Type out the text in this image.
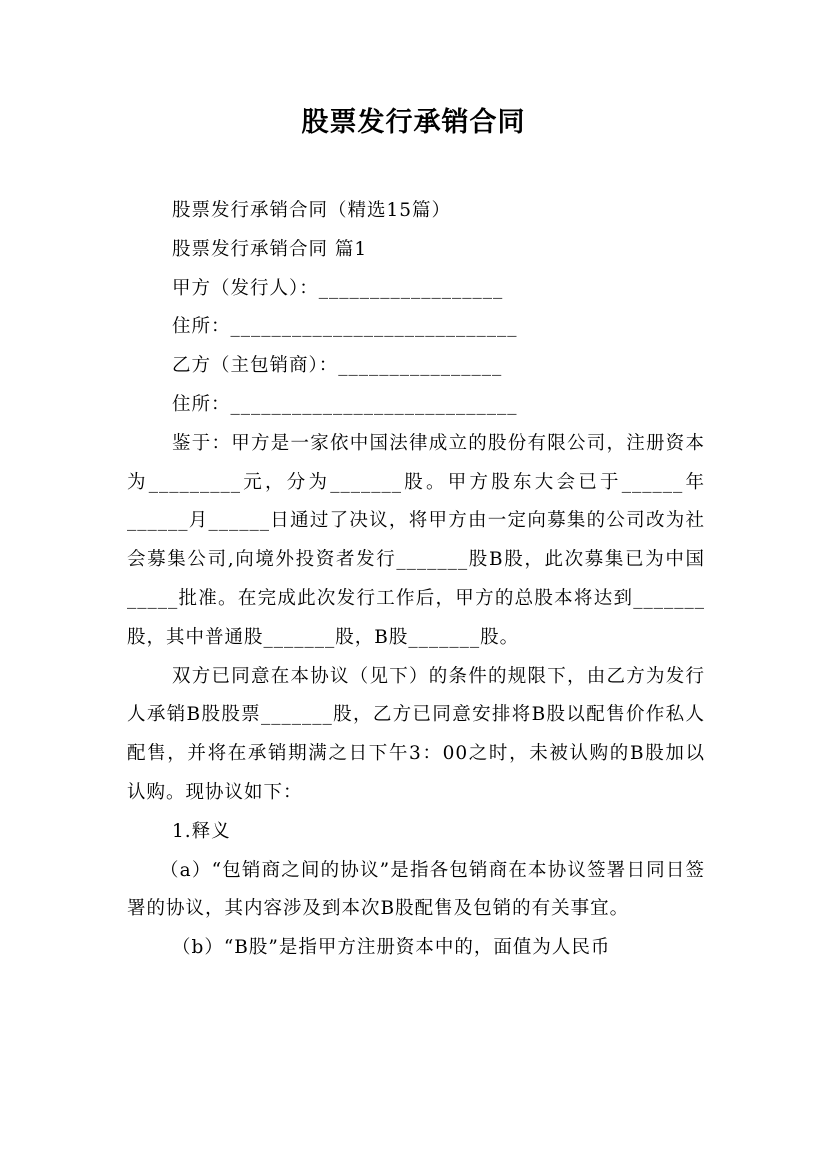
股票发行承销合同

股票发行承销合同（精选15篇）

股票发行承销合同 篇1

甲方（发行人）：__________________

住所：____________________________

乙方（主包销商）：________________

住所：____________________________

鉴于：甲方是一家依中国法律成立的股份有限公司，注册资本为_________元，分为_______股。甲方股东大会已于______年______月______日通过了决议，将甲方由一定向募集的公司改为社会募集公司,向境外投资者发行_______股B股，此次募集已为中国_____批准。在完成此次发行工作后，甲方的总股本将达到_______股，其中普通股_______股，B股_______股。

双方已同意在本协议（见下）的条件的规限下，由乙方为发行人承销B股股票_______股，乙方已同意安排将B股以配售价作私人配售，并将在承销期满之日下午3：00之时，未被认购的B股加以认购。现协议如下：

1.释义

（a）“包销商之间的协议”是指各包销商在本协议签署日同日签署的协议，其内容涉及到本次B股配售及包销的有关事宜。

（b）“B股”是指甲方注册资本中的，面值为人民币
